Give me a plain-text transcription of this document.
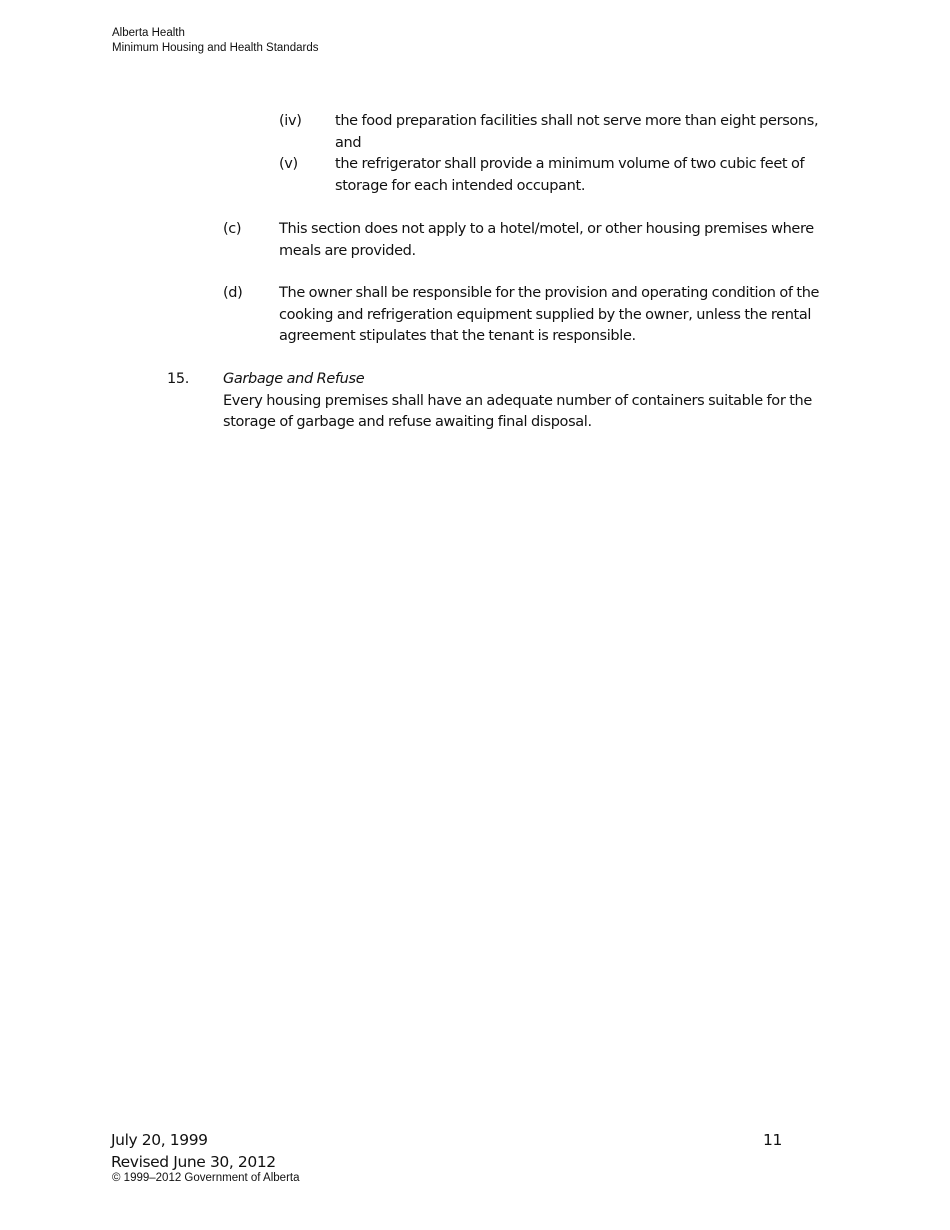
Alberta Health
Minimum Housing and Health Standards
(iv) the food preparation facilities shall not serve more than eight persons, and
(v)	the refrigerator shall provide a minimum volume of two cubic feet of storage for each intended occupant.
(c)	This section does not apply to a hotel/motel, or other housing premises where meals are provided.
(d)	The owner shall be responsible for the provision and operating condition of the cooking and refrigeration equipment supplied by the owner, unless the rental agreement stipulates that the tenant is responsible.
15. Garbage and Refuse
Every housing premises shall have an adequate number of containers suitable for the storage of garbage and refuse awaiting final disposal.
July 20, 1999
Revised June 30, 2012
11
© 1999–2012 Government of Alberta
